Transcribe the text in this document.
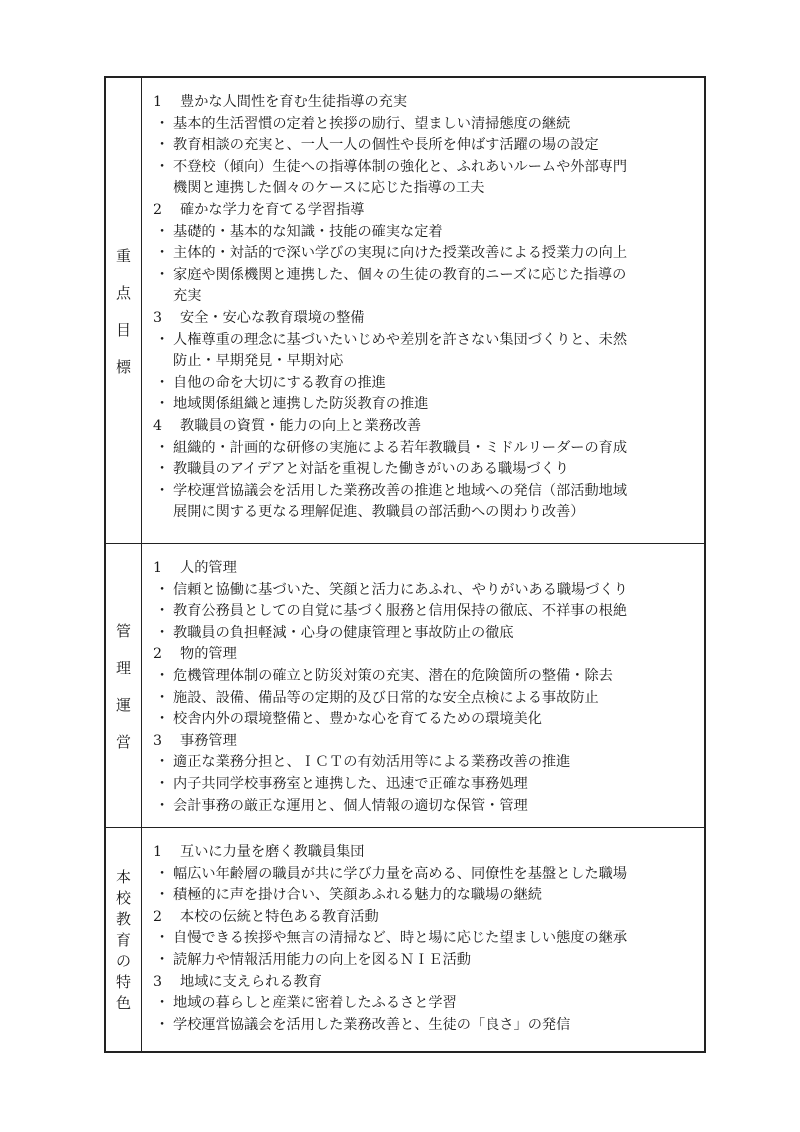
重
点
目
標
1 豊かな人間性を育む生徒指導の充実
・ 基本的生活習慣の定着と挨拶の励行、望ましい清掃態度の継続
・ 教育相談の充実と、一人一人の個性や長所を伸ばす活躍の場の設定
・ 不登校（傾向）生徒への指導体制の強化と、ふれあいルームや外部専門
機関と連携した個々のケースに応じた指導の工夫
2 確かな学力を育てる学習指導
・ 基礎的・基本的な知識・技能の確実な定着
・ 主体的・対話的で深い学びの実現に向けた授業改善による授業力の向上
・ 家庭や関係機関と連携した、個々の生徒の教育的ニーズに応じた指導の
充実
3 安全・安心な教育環境の整備
・ 人権尊重の理念に基づいたいじめや差別を許さない集団づくりと、未然
防止・早期発見・早期対応
・ 自他の命を大切にする教育の推進
・ 地域関係組織と連携した防災教育の推進
4 教職員の資質・能力の向上と業務改善
・ 組織的・計画的な研修の実施による若年教職員・ミドルリーダーの育成
・ 教職員のアイデアと対話を重視した働きがいのある職場づくり
・ 学校運営協議会を活用した業務改善の推進と地域への発信（部活動地域
展開に関する更なる理解促進、教職員の部活動への関わり改善）
管
理
運
営
1 人的管理
・ 信頼と協働に基づいた、笑顔と活力にあふれ、やりがいある職場づくり
・ 教育公務員としての自覚に基づく服務と信用保持の徹底、不祥事の根絶
・ 教職員の負担軽減・心身の健康管理と事故防止の徹底
2 物的管理
・ 危機管理体制の確立と防災対策の充実、潜在的危険箇所の整備・除去
・ 施設、設備、備品等の定期的及び日常的な安全点検による事故防止
・ 校舎内外の環境整備と、豊かな心を育てるための環境美化
3 事務管理
・ 適正な業務分担と、ＩＣＴの有効活用等による業務改善の推進
・ 内子共同学校事務室と連携した、迅速で正確な事務処理
・ 会計事務の厳正な運用と、個人情報の適切な保管・管理
本
校
教
育
の
特
色
1 互いに力量を磨く教職員集団
・ 幅広い年齢層の職員が共に学び力量を高める、同僚性を基盤とした職場
・ 積極的に声を掛け合い、笑顔あふれる魅力的な職場の継続
2 本校の伝統と特色ある教育活動
・ 自慢できる挨拶や無言の清掃など、時と場に応じた望ましい態度の継承
・ 読解力や情報活用能力の向上を図るＮＩＥ活動
3 地域に支えられる教育
・ 地域の暮らしと産業に密着したふるさと学習
・ 学校運営協議会を活用した業務改善と、生徒の「良さ」の発信
